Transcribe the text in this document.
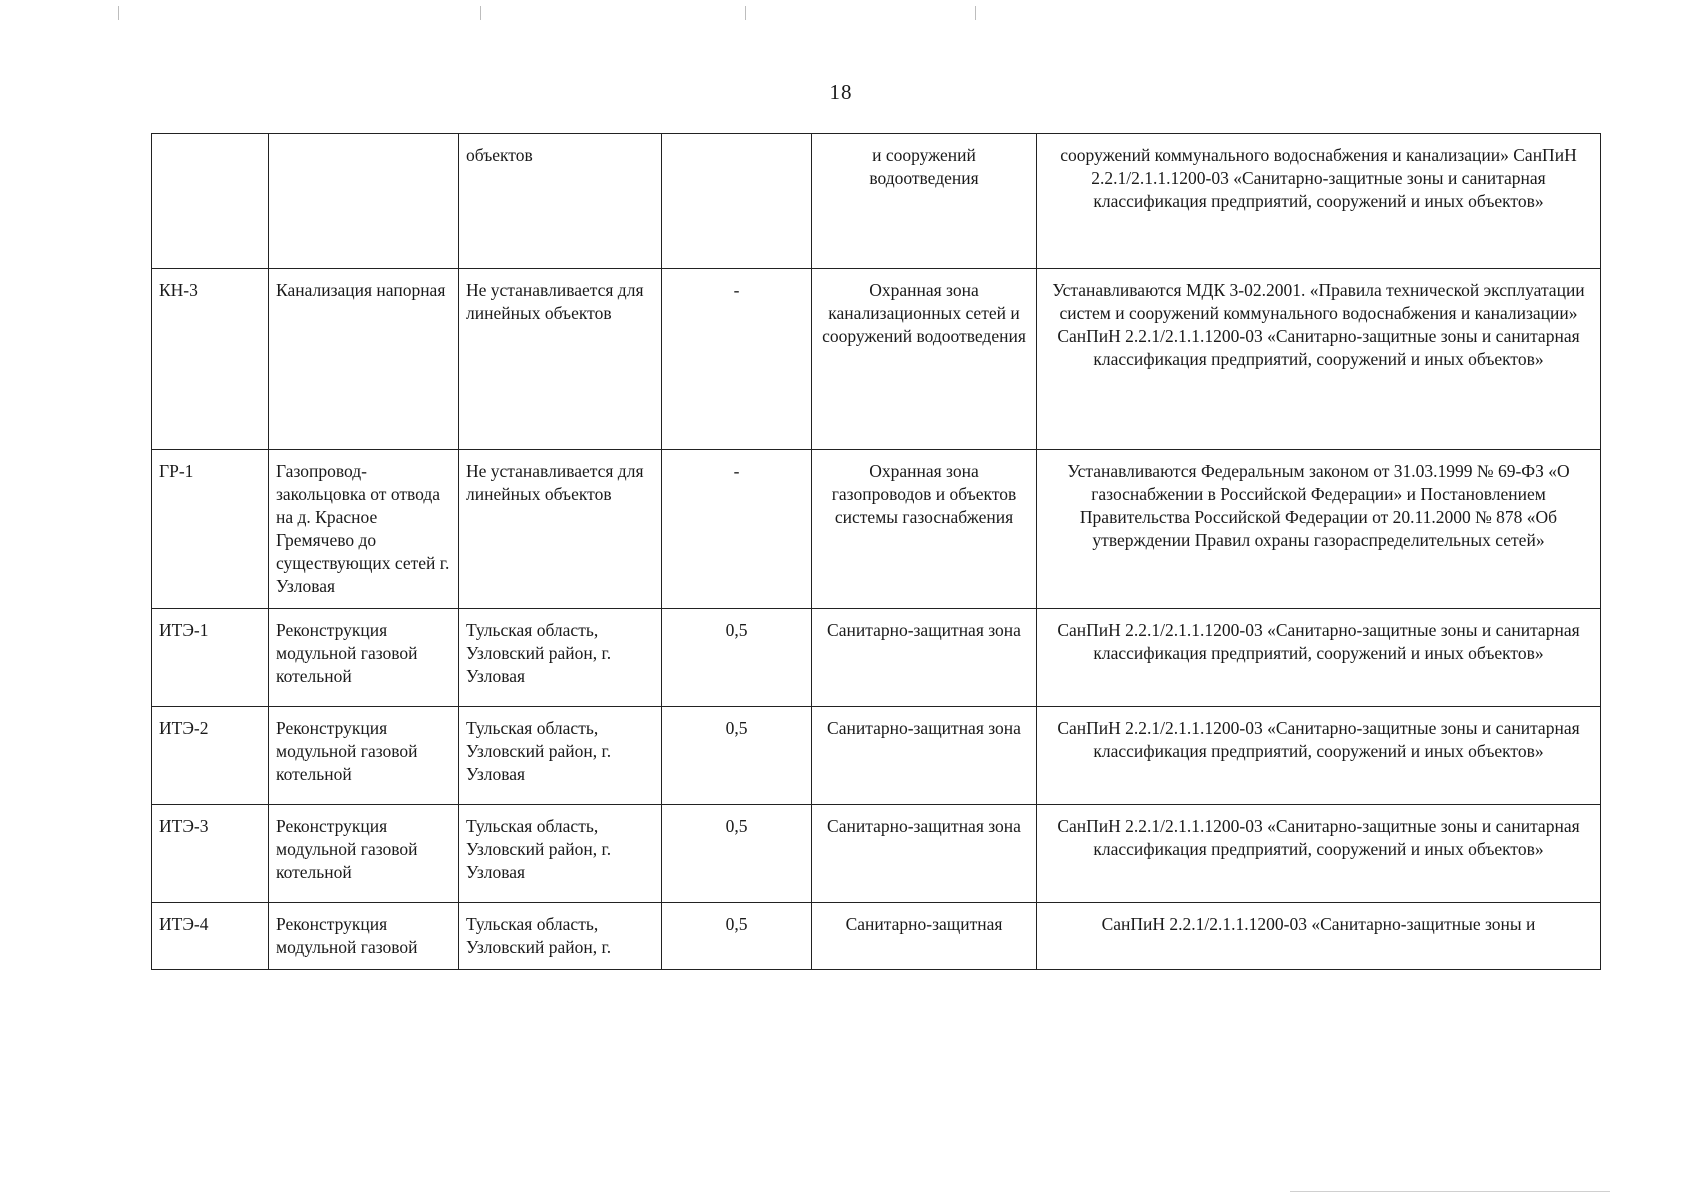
18
		объектов		и сооружений водоотведения	сооружений коммунального водоснабжения и канализации» СанПиН 2.2.1/2.1.1.1200-03 «Санитарно-защитные зоны и санитарная классификация предприятий, сооружений и иных объектов»
КН-3	Канализация напорная	Не устанавливается для линейных объектов	-	Охранная зона канализационных сетей и сооружений водоотведения	Устанавливаются МДК 3-02.2001. «Правила технической эксплуатации систем и сооружений коммунального водоснабжения и канализации» СанПиН 2.2.1/2.1.1.1200-03 «Санитарно-защитные зоны и санитарная классификация предприятий, сооружений и иных объектов»
ГР-1	Газопровод-закольцовка от отвода на д. Красное Гремячево до существующих сетей г. Узловая	Не устанавливается для линейных объектов	-	Охранная зона газопроводов и объектов системы газоснабжения	Устанавливаются Федеральным законом от 31.03.1999 № 69-ФЗ «О газоснабжении в Российской Федерации» и Постановлением Правительства Российской Федерации от 20.11.2000 № 878 «Об утверждении Правил охраны газораспределительных сетей»
ИТЭ-1	Реконструкция модульной газовой котельной	Тульская область, Узловский район, г. Узловая	0,5	Санитарно-защитная зона	СанПиН 2.2.1/2.1.1.1200-03 «Санитарно-защитные зоны и санитарная классификация предприятий, сооружений и иных объектов»
ИТЭ-2	Реконструкция модульной газовой котельной	Тульская область, Узловский район, г. Узловая	0,5	Санитарно-защитная зона	СанПиН 2.2.1/2.1.1.1200-03 «Санитарно-защитные зоны и санитарная классификация предприятий, сооружений и иных объектов»
ИТЭ-3	Реконструкция модульной газовой котельной	Тульская область, Узловский район, г. Узловая	0,5	Санитарно-защитная зона	СанПиН 2.2.1/2.1.1.1200-03 «Санитарно-защитные зоны и санитарная классификация предприятий, сооружений и иных объектов»
ИТЭ-4	Реконструкция модульной газовой	Тульская область, Узловский район, г.	0,5	Санитарно-защитная	СанПиН 2.2.1/2.1.1.1200-03 «Санитарно-защитные зоны и
